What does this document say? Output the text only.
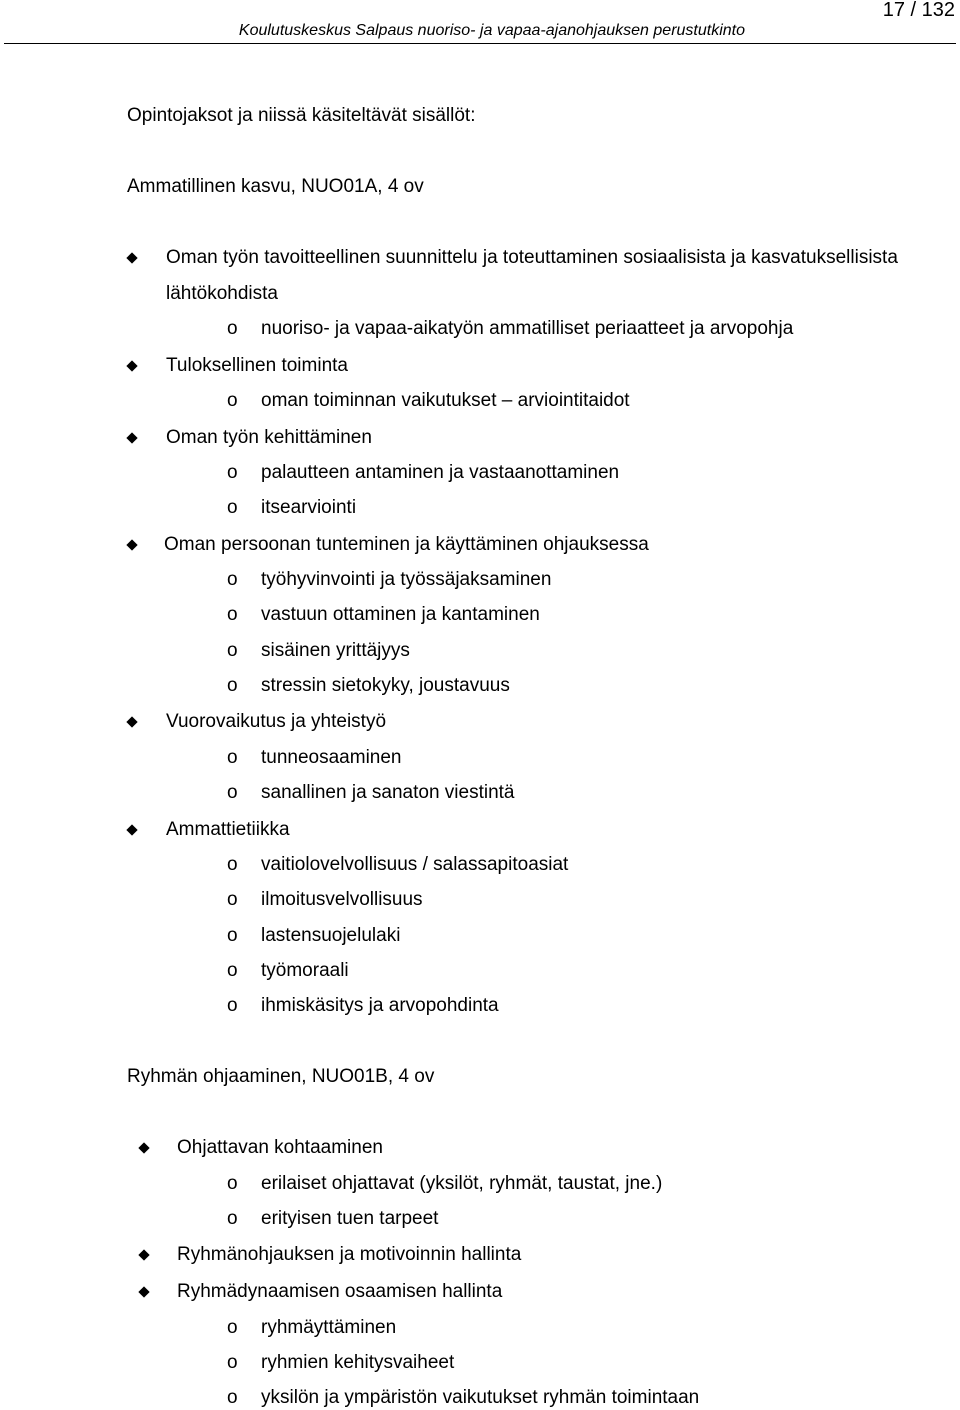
17 / 132
Koulutuskeskus Salpaus nuoriso- ja vapaa-ajanohjauksen perustutkinto
Opintojaksot ja niissä käsiteltävät sisällöt:
Ammatillinen kasvu, NUO01A, 4 ov
Oman työn tavoitteellinen suunnittelu ja toteuttaminen sosiaalisista ja kasvatuksellisista
lähtökohdista
o nuoriso- ja vapaa-aikatyön ammatilliset periaatteet ja arvopohja
Tuloksellinen toiminta
o oman toiminnan vaikutukset – arviointitaidot
Oman työn kehittäminen
o palautteen antaminen ja vastaanottaminen
o itsearviointi
Oman persoonan tunteminen ja käyttäminen ohjauksessa
o työhyvinvointi ja työssäjaksaminen
o vastuun ottaminen ja kantaminen
o sisäinen yrittäjyys
o stressin sietokyky, joustavuus
Vuorovaikutus ja yhteistyö
o tunneosaaminen
o sanallinen ja sanaton viestintä
Ammattietiikka
o vaitiolovelvollisuus / salassapitoasiat
o ilmoitusvelvollisuus
o lastensuojelulaki
o työmoraali
o ihmiskäsitys ja arvopohdinta
Ryhmän ohjaaminen, NUO01B, 4 ov
Ohjattavan kohtaaminen
o erilaiset ohjattavat (yksilöt, ryhmät, taustat, jne.)
o erityisen tuen tarpeet
Ryhmänohjauksen ja motivoinnin hallinta
Ryhmädynaamisen osaamisen hallinta
o ryhmäyttäminen
o ryhmien kehitysvaiheet
o yksilön ja ympäristön vaikutukset ryhmän toimintaan
